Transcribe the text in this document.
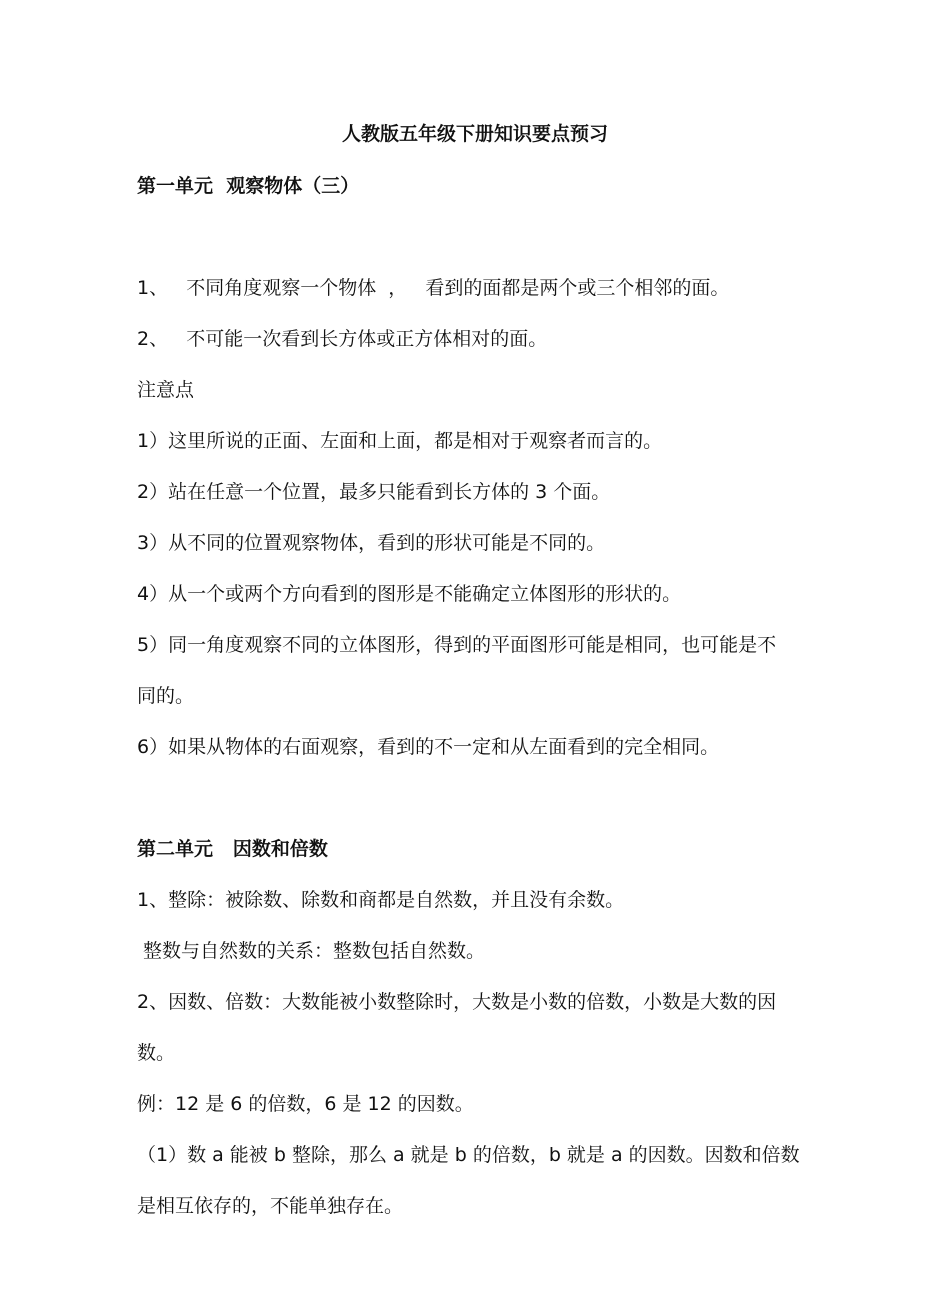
人教版五年级下册知识要点预习
第一单元  观察物体（三）
1、   不同角度观察一个物体  ，   看到的面都是两个或三个相邻的面。
2、   不可能一次看到长方体或正方体相对的面。
注意点
1）这里所说的正面、左面和上面，都是相对于观察者而言的。
2）站在任意一个位置，最多只能看到长方体的 3 个面。
3）从不同的位置观察物体，看到的形状可能是不同的。
4）从一个或两个方向看到的图形是不能确定立体图形的形状的。
5）同一角度观察不同的立体图形，得到的平面图形可能是相同，也可能是不
同的。
6）如果从物体的右面观察，看到的不一定和从左面看到的完全相同。
第二单元   因数和倍数
1、整除：被除数、除数和商都是自然数，并且没有余数。
整数与自然数的关系：整数包括自然数。
2、因数、倍数：大数能被小数整除时，大数是小数的倍数，小数是大数的因
数。
例：12 是 6 的倍数，6 是 12 的因数。
（1）数 a 能被 b 整除，那么 a 就是 b 的倍数，b 就是 a 的因数。因数和倍数
是相互依存的，不能单独存在。
